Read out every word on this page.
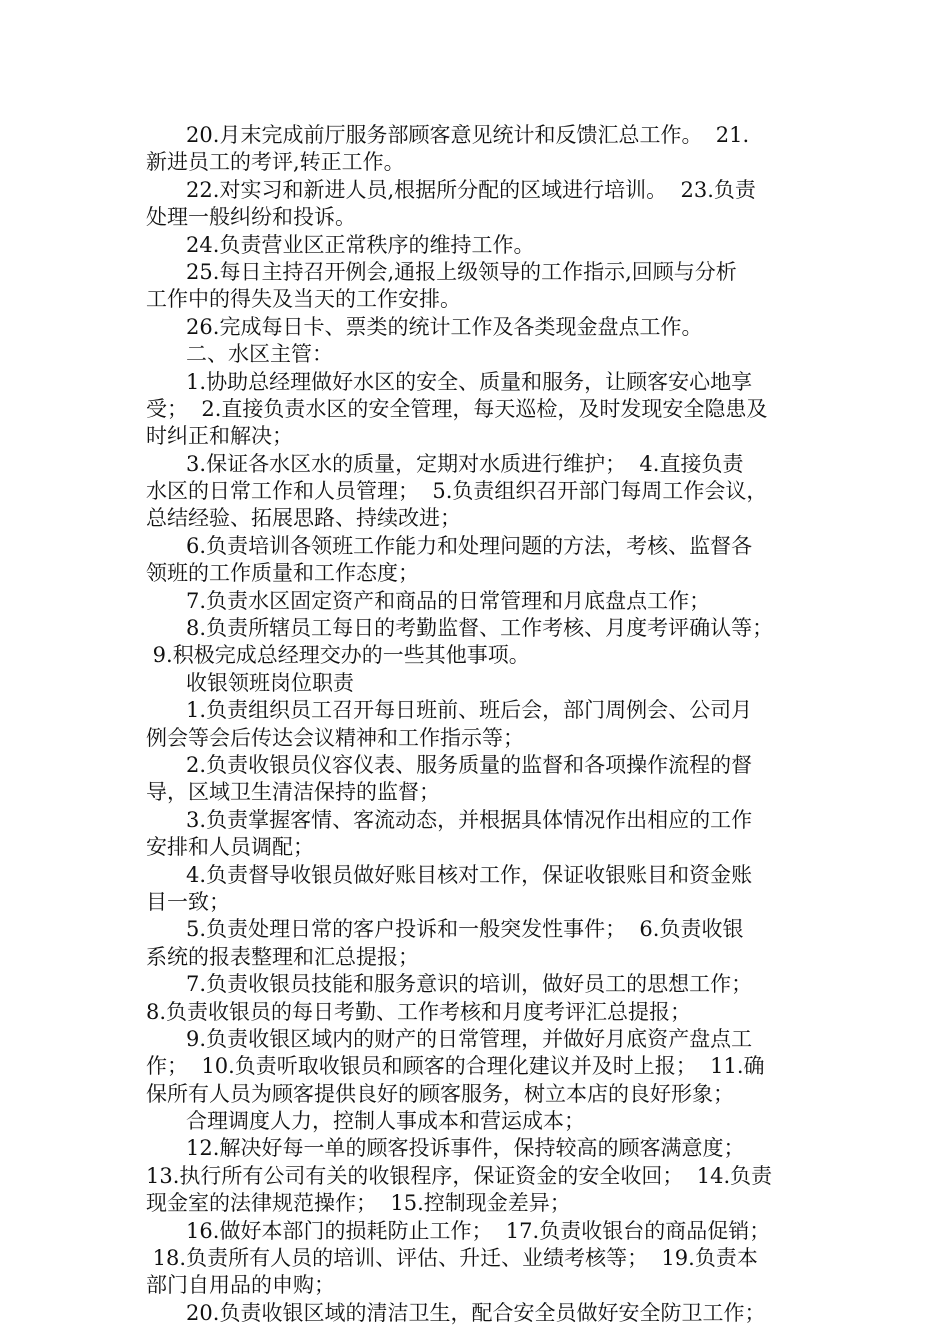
20.月末完成前厅服务部顾客意见统计和反馈汇总工作。  21.
新进员工的考评,转正工作。
22.对实习和新进人员,根据所分配的区域进行培训。  23.负责
处理一般纠纷和投诉。
24.负责营业区正常秩序的维持工作。
25.每日主持召开例会,通报上级领导的工作指示,回顾与分析
工作中的得失及当天的工作安排。
26.完成每日卡、票类的统计工作及各类现金盘点工作。
二、水区主管：
1.协助总经理做好水区的安全、质量和服务，让顾客安心地享
受；  2.直接负责水区的安全管理，每天巡检，及时发现安全隐患及
时纠正和解决；
3.保证各水区水的质量，定期对水质进行维护；  4.直接负责
水区的日常工作和人员管理；  5.负责组织召开部门每周工作会议，
总结经验、拓展思路、持续改进；
6.负责培训各领班工作能力和处理问题的方法，考核、监督各
领班的工作质量和工作态度；
7.负责水区固定资产和商品的日常管理和月底盘点工作；
8.负责所辖员工每日的考勤监督、工作考核、月度考评确认等；
9.积极完成总经理交办的一些其他事项。
收银领班岗位职责
1.负责组织员工召开每日班前、班后会，部门周例会、公司月
例会等会后传达会议精神和工作指示等；
2.负责收银员仪容仪表、服务质量的监督和各项操作流程的督
导，区域卫生清洁保持的监督；
3.负责掌握客情、客流动态，并根据具体情况作出相应的工作
安排和人员调配；
4.负责督导收银员做好账目核对工作，保证收银账目和资金账
目一致；
5.负责处理日常的客户投诉和一般突发性事件；  6.负责收银
系统的报表整理和汇总提报；
7.负责收银员技能和服务意识的培训，做好员工的思想工作；
8.负责收银员的每日考勤、工作考核和月度考评汇总提报；
9.负责收银区域内的财产的日常管理，并做好月底资产盘点工
作；  10.负责听取收银员和顾客的合理化建议并及时上报；  11.确
保所有人员为顾客提供良好的顾客服务，树立本店的良好形象；
合理调度人力，控制人事成本和营运成本；
12.解决好每一单的顾客投诉事件，保持较高的顾客满意度；
13.执行所有公司有关的收银程序，保证资金的安全收回；  14.负责
现金室的法律规范操作；  15.控制现金差异；
16.做好本部门的损耗防止工作；  17.负责收银台的商品促销；
18.负责所有人员的培训、评估、升迁、业绩考核等；  19.负责本
部门自用品的申购；
20.负责收银区域的清洁卫生，配合安全员做好安全防卫工作；
